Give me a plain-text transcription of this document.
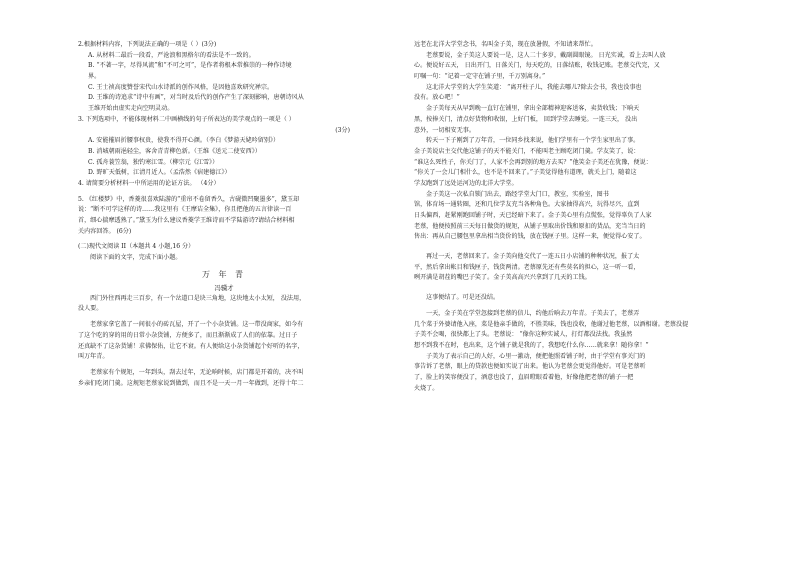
2.根据材料内容，下列说法正确的一项是（ ）(3分)
A. 从材料二最后一段看，严沧浪和黑格尔的看法是不一致的。
B. “不著一字，尽得风流”和“不可之可”，是作者将根本常推崇的一种作诗境
界。
C. 王士祯高度赞誉宋代山水诗派的创作风格，是因他喜欢研究禅宗。
D. 王维的诗追求“诗中有画”，对当时及后代的创作产生了深刻影响，唐朝诗风从
王维开始由虚实走向空明灵动。
3. 下列选项中，不能体现材料二中画横线的句子所表达的美学观点的一项是（ ）
(3分)
A. 安能摧眉折腰事权贵，使我不得开心颜。（李白《梦游天姥吟留别》）
B. 消城朝雨浥轻尘，客舍青青柳色新。（王维《送元二使安西》）
C. 孤舟蓑笠翁，独钓寒江雪。（柳宗元《江雪》）
D. 野旷天低树，江清月近人。（孟浩然《宿建德江》）
4. 请简要分析材料一中所运用的论证方法。 （4分）
5. 《红楼梦》中，香菱很喜欢陆游的“重帘不卷留香久，古砚微凹聚墨多”，黛玉却
说：“断不可学这样的诗……我这里有《王摩诘全集》，你且把他的五言律读一百
首，细心揣摩透熟了。”黛玉为什么建议香菱学王维诗而不学陆游诗?请结合材料相
关内容回答。 (6分)
(二)现代文阅读 II（本题共 4 小题,16 分）
阅读下面的文字，完成下面小题。
万 年 青
冯骥才
西门外往西再走三百步，有一个岔道口是块三角地，这块地太小太短， 没法用，
没人要。
老蔡家拿它盖了一间很小的砖瓦屋，开了一个小杂货铺。这一带没商家，如今有
了这个吃的穿的用的日常小杂货铺，方便多了，而且渐渐成了人们的依靠。过日子
还真缺不了这杂货铺！求佛保佑，让它不衰。有人便给这小杂货铺起个好听的名字，
叫万年青。
老蔡家有个规矩，一年到头，刮去过年，无论晌时候，店门都是开着的，决不叫
乡亲们吃闭门羹。这规矩老蔡家说到做到，而且不是一天一月一年做到，还得十年二
远老在北洋大学堂念书，名叫金子美，现在放暑假，不知请来帮忙。
老蔡要说，金子美这人要说一是，这人二十多岁，戴副圆眼镜。 日光实诚，看上去叫人放
心。便说好五天， 日出开门，日落关门，每天吃的，日落结账，收钱记账。老蔡交代完，又
叮嘱一句：“记着一定守在铺子里，千万别离身。”
这北洋大学堂的大学生笑道： “离开柱子儿，我能去哪儿?除去会书，我也没事也
没有。放心吧！”
金子美每天从早到晚一直钉在铺里，拿出全部精神迎客送客，卖货收钱；下晌天
黑，按捧关门，清点好货物和收银，上好门板， 回到学堂去睡觉。一连三天， 没出
意外，一切相安无事。
转天一下子刚到了万年青，一位同乡找来说，他们学里有一个学生家里出了事。
金子美说店主交代他这铺子的天不能关门，不能叫老主顾吃闭门羹。学友笑了，说：
“谁这么死性子，你关门了，人家不会再到别的地方去买？”他笑金子美还在犹豫，便说：
“你关了一会儿门相什么，也不是不回来了。”子美觉得他有道理，就关上门，随着这
学友跑到了远处运河边的北洋大学堂。
金子美这一次私自锁门出去，路经学堂大门口，教室，实验室，图书
馆，体育场一通转圈，还和几位学友充当各种角色。大家抽得高兴，玩得尽兴，直到
日头偏西，赶紧刚跑回铺子时，天已经暗下来了。金子美心里有点慌张，觉得辜负了人家
老蔡，他便按照前三天每日做货的规矩，从铺子里取出价钱和原扣的货品，充当当日的
售出：再从自己腰包里拿出相当货价的钱，放在钱匣子里。这样一来，便觉得心安了。
再过一天，老蔡回来了。金子美向他交代了一连五日小店铺的种种状况，报了太
平，然后拿出帐目和钱匣子，钱货两清。老蔡原先还有些莫名的担心，这一听一看，
咧开满是胡茬的嘴巴子笑了。金子美高高兴兴拿到了几天的工钱。
这事便结了。可是还没结。
一天，金子美在学堂忽接到老蔡的信儿，约他后晌去万年青。子美去了，老蔡弄
几个菜于外婆请他入座，菜是他亲手做的，不胜美味，钱也没收，他谢过他老蔡，以酒相谢。老蔡没提
子美不会喝，很快都上了头。老蔡说： “像你这种实诚人，打灯都没法找。我虽然
想不到我不在时，也出来，这个铺子就是我的了，我想吃什么你……就来拿！随你拿！”
子美为了表示自己的人好，心里一激动，便把他照看铺子时，由于学堂有事关门的
事告诉了老蔡，眼上的贷款也便如实说了出来。他认为老蔡会更觉得他好。可是老蔡听
了，脸上的笑容便没了，酒意也没了，直眉瞪眼看着他，好像他把老蔡的铺子一把
火烧了。
